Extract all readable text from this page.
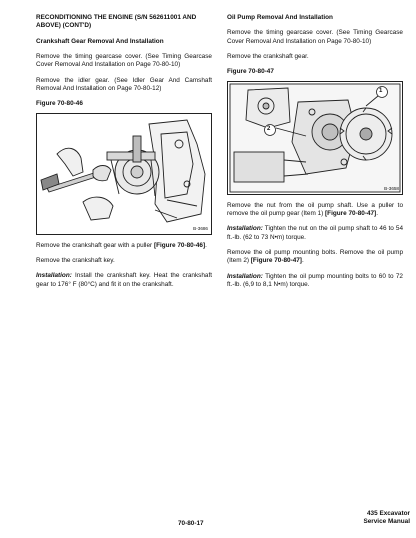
RECONDITIONING THE ENGINE (S/N 562611001 AND ABOVE) (CONT'D)
Crankshaft Gear Removal And Installation

Remove the timing gearcase cover. (See Timing Gearcase Cover Removal And Installation on Page 70-80-10)

Remove the idler gear. (See Idler Gear And Camshaft Removal And Installation on Page 70-80-12)

Figure 70-80-46
B-3686

Remove the crankshaft gear with a puller [Figure 70-80-46].

Remove the crankshaft key.

Installation: Install the crankshaft key. Heat the crankshaft gear to 176° F (80°C) and fit it on the crankshaft.

Oil Pump Removal And Installation

Remove the timing gearcase cover. (See Timing Gearcase Cover Removal And Installation on Page 70-80-10)

Remove the crankshaft gear.

Figure 70-80-47
1
2
B-3658

Remove the nut from the oil pump shaft. Use a puller to remove the oil pump gear (Item 1) [Figure 70-80-47].

Installation: Tighten the nut on the oil pump shaft to 46 to 54 ft.-lb. (62 to 73 N•m) torque.

Remove the oil pump mounting bolts. Remove the oil pump (Item 2) [Figure 70-80-47].

Installation: Tighten the oil pump mounting bolts to 60 to 72 ft.-lb. (6,9 to 8,1 N•m) torque.

70-80-17
435 Excavator
Service Manual
